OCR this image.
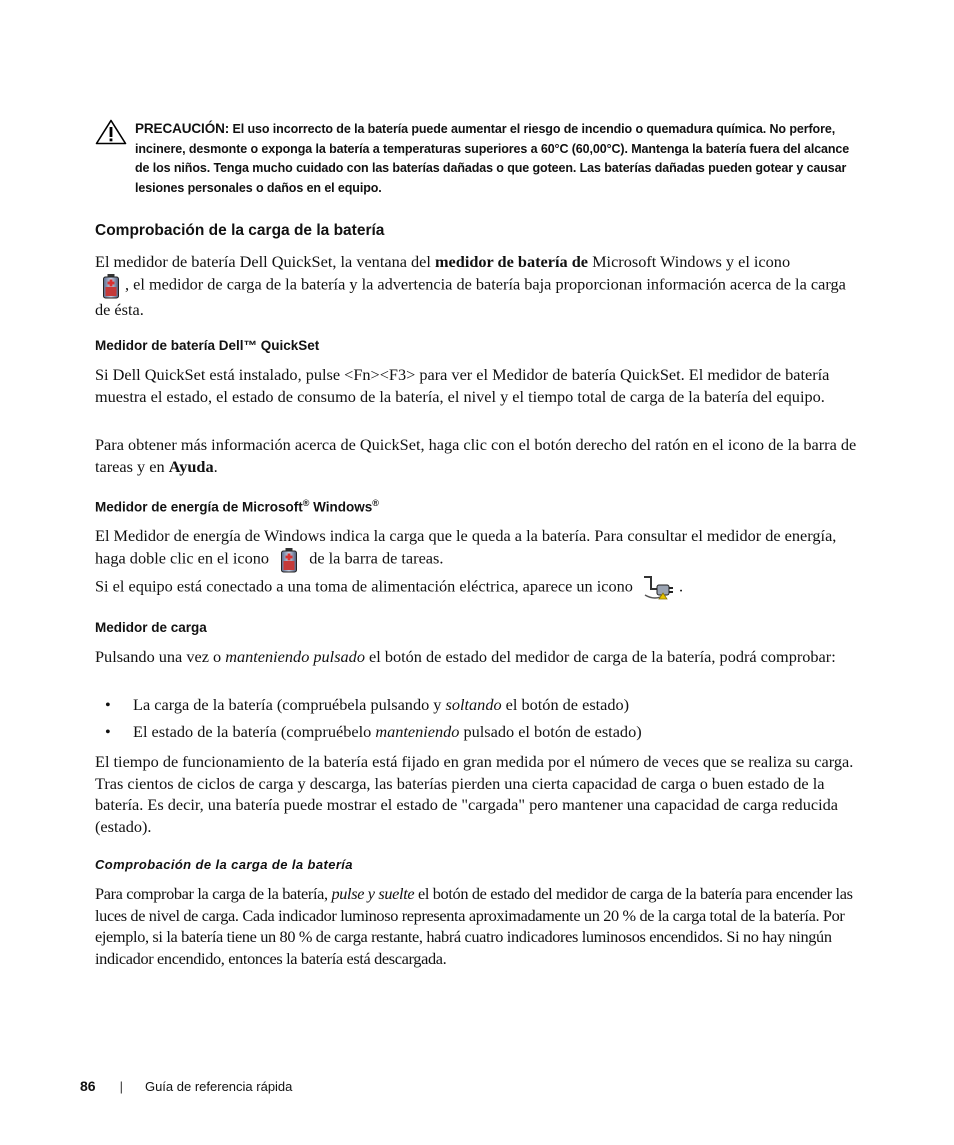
PRECAUCIÓN: El uso incorrecto de la batería puede aumentar el riesgo de incendio o quemadura química. No perfore, incinere, desmonte o exponga la batería a temperaturas superiores a 60°C (60,00°C). Mantenga la batería fuera del alcance de los niños. Tenga mucho cuidado con las baterías dañadas o que goteen. Las baterías dañadas pueden gotear y causar lesiones personales o daños en el equipo.
Comprobación de la carga de la batería
El medidor de batería Dell QuickSet, la ventana del medidor de batería de Microsoft Windows y el icono
, el medidor de carga de la batería y la advertencia de batería baja proporcionan información acerca de la carga de ésta.
Medidor de batería Dell™ QuickSet
Si Dell QuickSet está instalado, pulse <Fn><F3> para ver el Medidor de batería QuickSet. El medidor de batería muestra el estado, el estado de consumo de la batería, el nivel y el tiempo total de carga de la batería del equipo.
Para obtener más información acerca de QuickSet, haga clic con el botón derecho del ratón en el icono de la barra de tareas y en Ayuda.
Medidor de energía de Microsoft® Windows®
El Medidor de energía de Windows indica la carga que le queda a la batería. Para consultar el medidor de energía, haga doble clic en el icono  de la barra de tareas.
Si el equipo está conectado a una toma de alimentación eléctrica, aparece un icono	.
Medidor de carga
Pulsando una vez o manteniendo pulsado el botón de estado del medidor de carga de la batería, podrá comprobar:
• La carga de la batería (compruébela pulsando y soltando el botón de estado)
• El estado de la batería (compruébelo manteniendo pulsado el botón de estado)
El tiempo de funcionamiento de la batería está fijado en gran medida por el número de veces que se realiza su carga. Tras cientos de ciclos de carga y descarga, las baterías pierden una cierta capacidad de carga o buen estado de la batería. Es decir, una batería puede mostrar el estado de "cargada" pero mantener una capacidad de carga reducida (estado).
Comprobación de la carga de la batería
Para comprobar la carga de la batería, pulse y suelte el botón de estado del medidor de carga de la batería para encender las luces de nivel de carga. Cada indicador luminoso representa aproximadamente un 20 % de la carga total de la batería. Por ejemplo, si la batería tiene un 80 % de carga restante, habrá cuatro indicadores luminosos encendidos. Si no hay ningún indicador encendido, entonces la batería está descargada.
86 | Guía de referencia rápida
